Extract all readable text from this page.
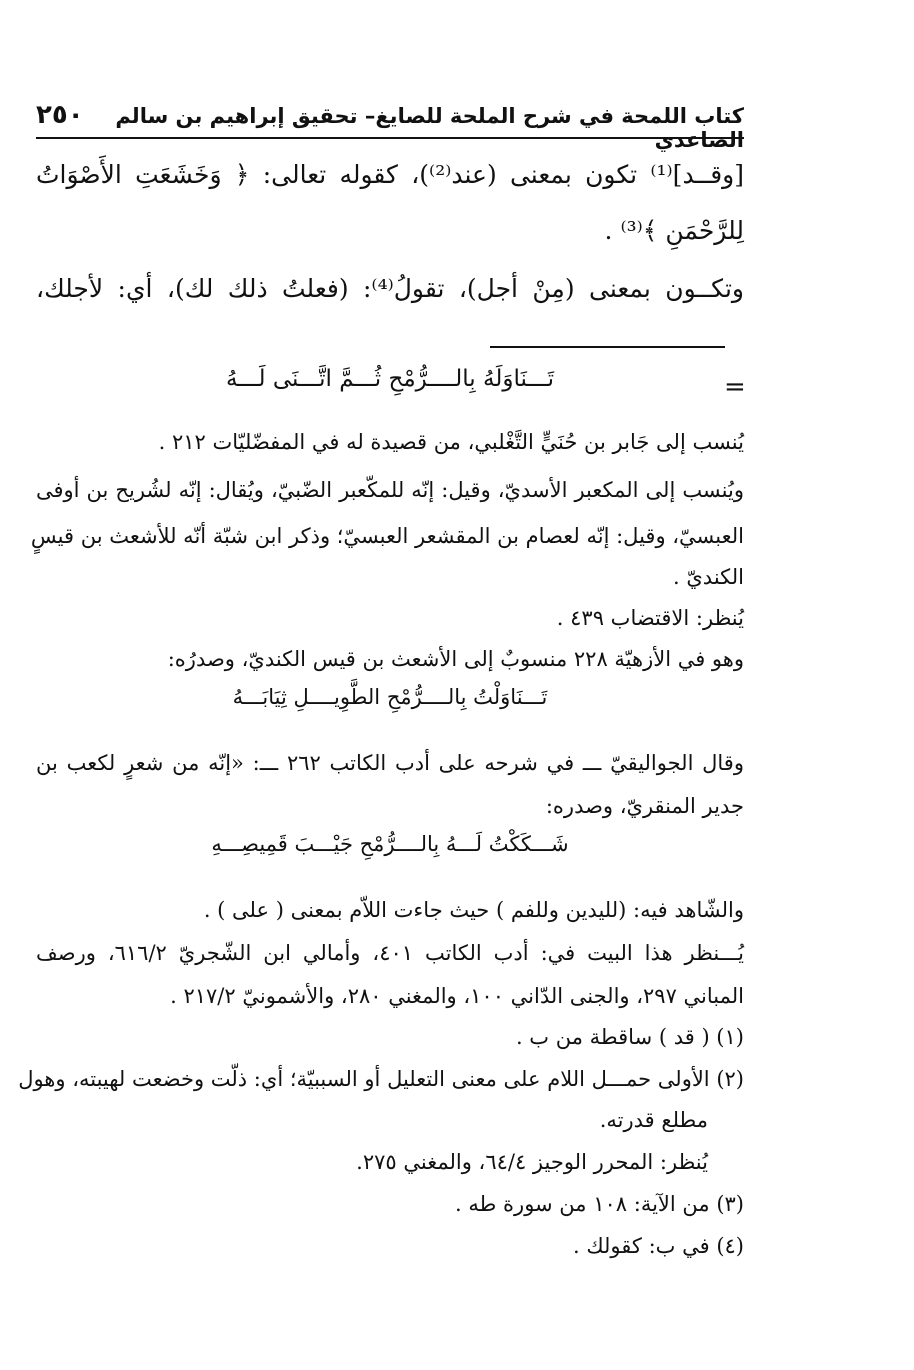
كتاب اللمحة في شرح الملحة للصايغ– تحقيق إبراهيم بن سالم الصاعدي
٢٥٠
[وقــد]⁽¹⁾ تكون بمعنى (عند⁽²⁾)، كقوله تعالى: ﴿ وَخَشَعَتِ الأَصْوَاتُ
لِلرَّحْمَنِ ﴾⁽³⁾ .
وتكــون بمعنى (مِنْ أجل)، تقولُ⁽⁴⁾: (فعلتُ ذلك لك)، أي: لأجلك،
=
تَـــنَاوَلَهُ بِالــــرُّمْحِ ثُـــمَّ اتَّـــنَى لَـــهُ
يُنسب إلى جَابر بن حُنَيٍّ التَّغْلبي، من قصيدة له في المفضّليّات ٢١٢ .
ويُنسب إلى المكعبر الأسديّ، وقيل: إنّه للمكّعبر الضّبيّ، ويُقال: إنّه لشُريح بن أوفى
العبسيّ، وقيل: إنّه لعصام بن المقشعر العبسيّ؛ وذكر ابن شبّة أنّه للأشعث بن قيسٍ
الكنديّ .
يُنظر: الاقتضاب ٤٣٩ .
وهو في الأزهيّة ٢٢٨ منسوبٌ إلى الأشعث بن قيس الكنديّ، وصدرُه:
تَـــنَاوَلْتُ بِالــــرُّمْحِ الطَّوِيــــلِ ثِيَابَـــهُ
وقال الجواليقيّ ـــ في شرحه على أدب الكاتب ٢٦٢ ـــ: «إنّه من شعرٍ لكعب بن
جدير المنقريّ، وصدره:
شَـــكَكْتُ لَـــهُ بِالــــرُّمْحِ جَيْـــبَ قَمِيصِـــهِ
والشّاهد فيه: (لليدين وللفم ) حيث جاءت اللاّم بمعنى ( على ) .
يُـــنظر هذا البيت في: أدب الكاتب ٤٠١، وأمالي ابن الشّجريّ ٦١٦/٢، ورصف
المباني ٢٩٧، والجنى الدّاني ١٠٠، والمغني ٢٨٠، والأشمونيّ ٢١٧/٢ .
(١) ( قد ) ساقطة من ب .
(٢) الأولى حمـــل اللام على معنى التعليل أو السببيّة؛ أي: ذلّت وخضعت لهيبته، وهول
مطلع قدرته.
يُنظر: المحرر الوجيز ٦٤/٤، والمغني ٢٧٥.
(٣) من الآية: ١٠٨ من سورة طه .
(٤) في ب: كقولك .
